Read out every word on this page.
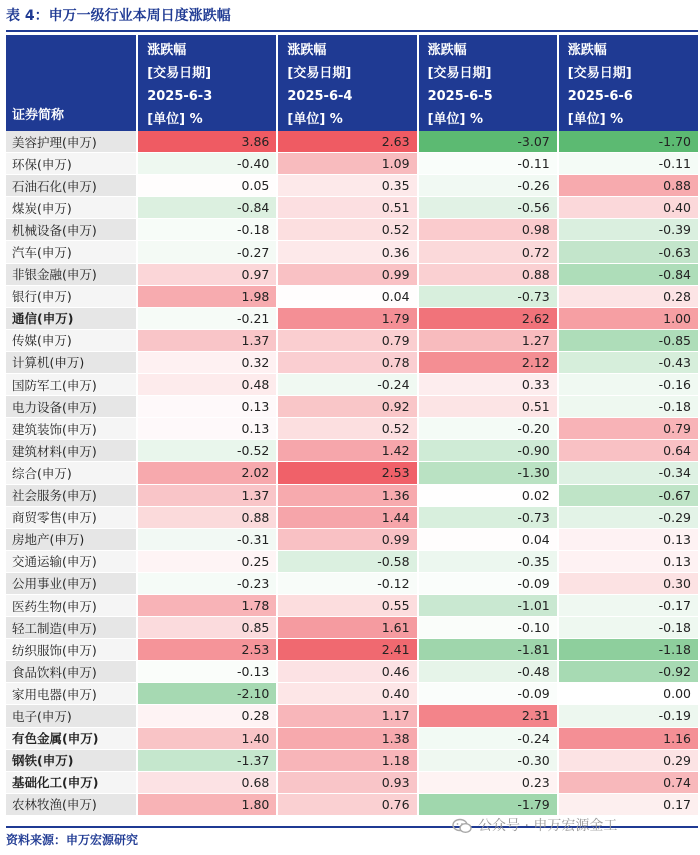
表 4：申万一级行业本周日度涨跌幅
证券简称	涨跌幅
[交易日期]
2025-6-3
[单位] %	涨跌幅
[交易日期]
2025-6-4
[单位] %	涨跌幅
[交易日期]
2025-6-5
[单位] %	涨跌幅
[交易日期]
2025-6-6
[单位] %

美容护理(申万)	3.86	2.63	-3.07	-1.70
环保(申万)	-0.40	1.09	-0.11	-0.11
石油石化(申万)	0.05	0.35	-0.26	0.88
煤炭(申万)	-0.84	0.51	-0.56	0.40
机械设备(申万)	-0.18	0.52	0.98	-0.39
汽车(申万)	-0.27	0.36	0.72	-0.63
非银金融(申万)	0.97	0.99	0.88	-0.84
银行(申万)	1.98	0.04	-0.73	0.28
通信(申万)	-0.21	1.79	2.62	1.00
传媒(申万)	1.37	0.79	1.27	-0.85
计算机(申万)	0.32	0.78	2.12	-0.43
国防军工(申万)	0.48	-0.24	0.33	-0.16
电力设备(申万)	0.13	0.92	0.51	-0.18
建筑装饰(申万)	0.13	0.52	-0.20	0.79
建筑材料(申万)	-0.52	1.42	-0.90	0.64
综合(申万)	2.02	2.53	-1.30	-0.34
社会服务(申万)	1.37	1.36	0.02	-0.67
商贸零售(申万)	0.88	1.44	-0.73	-0.29
房地产(申万)	-0.31	0.99	0.04	0.13
交通运输(申万)	0.25	-0.58	-0.35	0.13
公用事业(申万)	-0.23	-0.12	-0.09	0.30
医药生物(申万)	1.78	0.55	-1.01	-0.17
轻工制造(申万)	0.85	1.61	-0.10	-0.18
纺织服饰(申万)	2.53	2.41	-1.81	-1.18
食品饮料(申万)	-0.13	0.46	-0.48	-0.92
家用电器(申万)	-2.10	0.40	-0.09	0.00
电子(申万)	0.28	1.17	2.31	-0.19
有色金属(申万)	1.40	1.38	-0.24	1.16
钢铁(申万)	-1.37	1.18	-0.30	0.29
基础化工(申万)	0.68	0.93	0.23	0.74
农林牧渔(申万)	1.80	0.76	-1.79	0.17
资料来源：申万宏源研究
公众号 · 申万宏源金工
